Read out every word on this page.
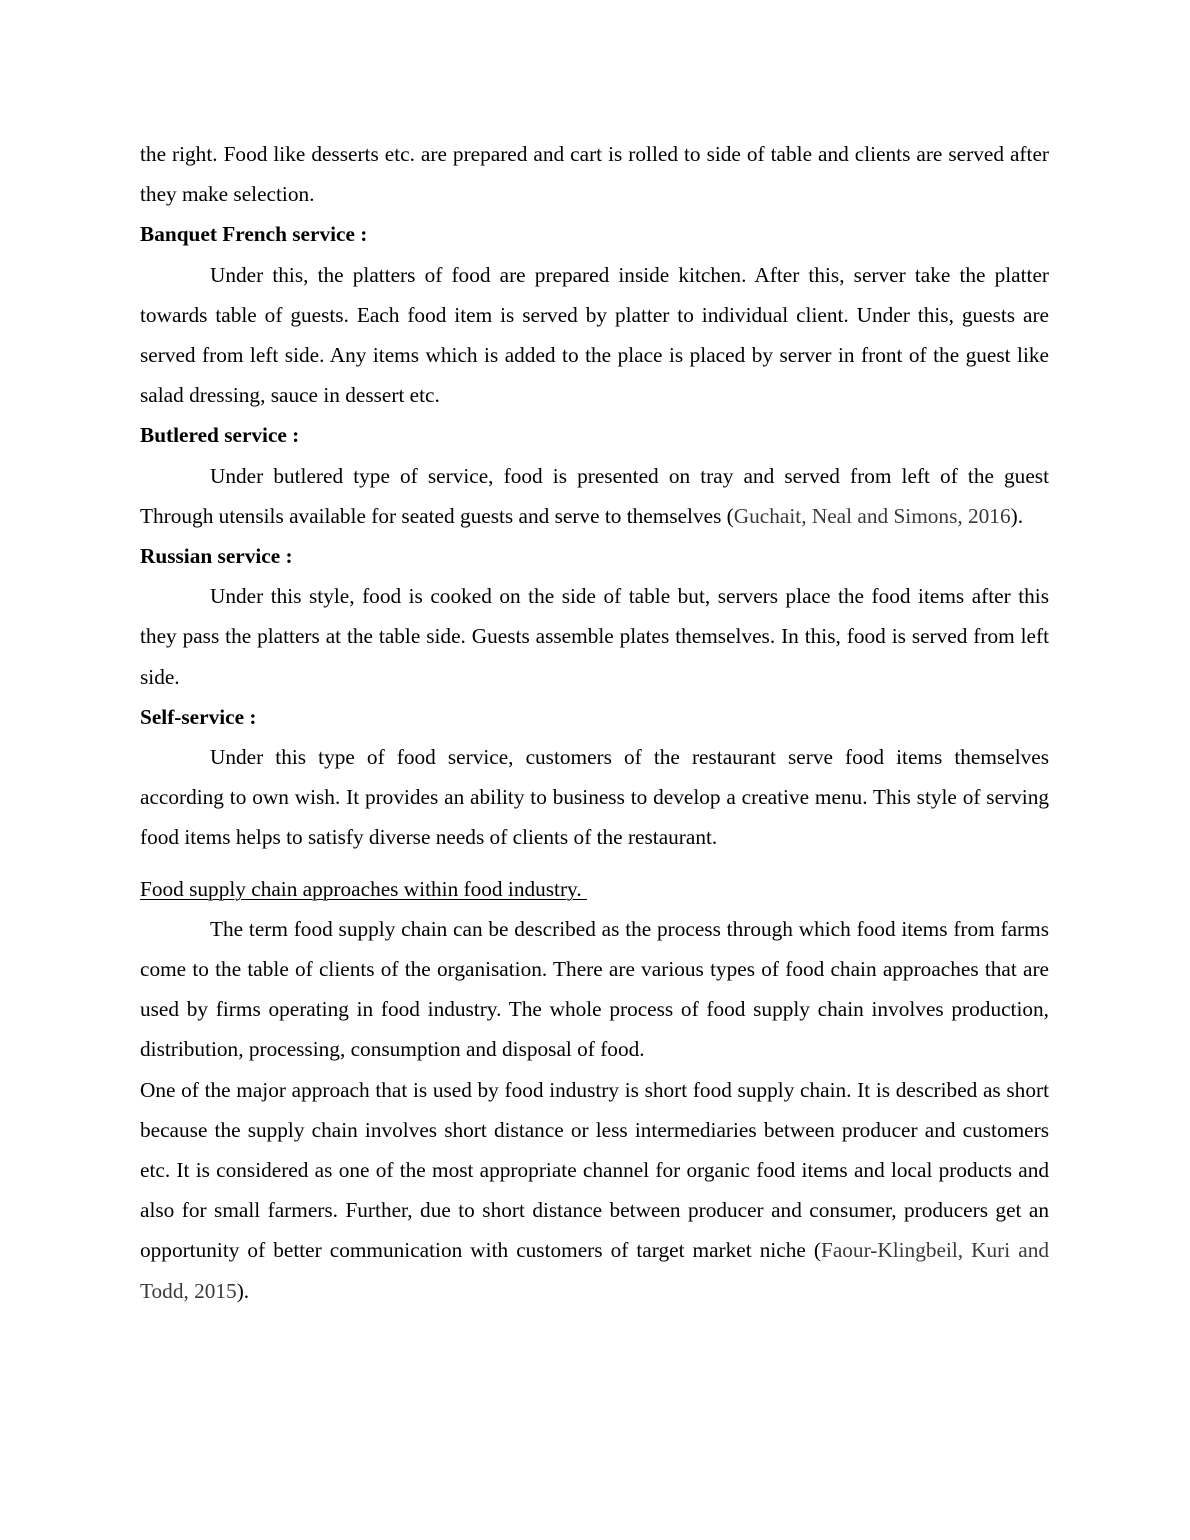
the right. Food like desserts etc. are prepared and cart is rolled to side of table and clients are served after they make selection.

Banquet French service :

Under this, the platters of food are prepared inside kitchen. After this, server take the platter towards table of guests. Each food item is served by platter to individual client. Under this, guests are served from left side. Any items which is added to the place is placed by server in front of the guest like salad dressing, sauce in dessert etc.

Butlered service :

Under butlered type of service, food is presented on tray and served from left of the guest Through utensils available for seated guests and serve to themselves (Guchait, Neal and Simons, 2016).

Russian service :

Under this style, food is cooked on the side of table but, servers place the food items after this they pass the platters at the table side. Guests assemble plates themselves. In this, food is served from left side.

Self-service :

Under this type of food service, customers of the restaurant serve food items themselves according to own wish. It provides an ability to business to develop a creative menu. This style of serving food items helps to satisfy diverse needs of clients of the restaurant.

Food supply chain approaches within food industry.

The term food supply chain can be described as the process through which food items from farms come to the table of clients of the organisation. There are various types of food chain approaches that are used by firms operating in food industry. The whole process of food supply chain involves production, distribution, processing, consumption and disposal of food.

One of the major approach that is used by food industry is short food supply chain. It is described as short because the supply chain involves short distance or less intermediaries between producer and customers etc. It is considered as one of the most appropriate channel for organic food items and local products and also for small farmers. Further, due to short distance between producer and consumer, producers get an opportunity of better communication with customers of target market niche (Faour-Klingbeil, Kuri and Todd, 2015).
